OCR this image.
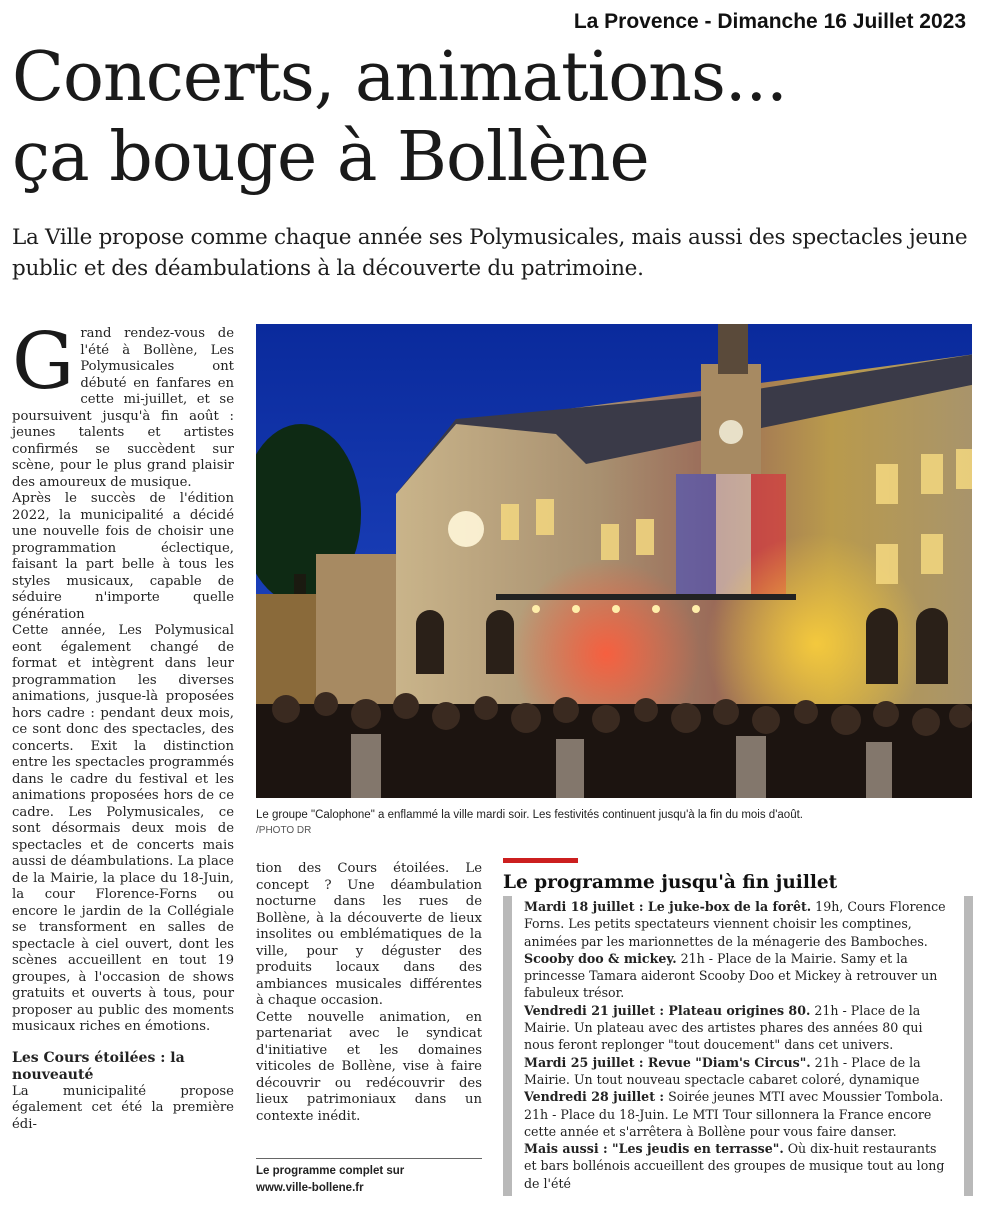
La Provence - Dimanche 16 Juillet 2023
Concerts, animations...
ça bouge à Bollène
La Ville propose comme chaque année ses Polymusicales, mais aussi des spectacles jeune public et des déambulations à la découverte du patrimoine.
G rand rendez-vous de l'été à Bollène, Les Polymusicales ont débuté en fanfares en cette mi-juillet, et se poursuivent jusqu'à fin août : jeunes talents et artistes confirmés se succèdent sur scène, pour le plus grand plaisir des amoureux de musique.

Après le succès de l'édition 2022, la municipalité a décidé une nouvelle fois de choisir une programmation éclectique, faisant la part belle à tous les styles musicaux, capable de séduire n'importe quelle génération

Cette année, Les Polymusical eont également changé de format et intègrent dans leur programmation les diverses animations, jusque-là proposées hors cadre : pendant deux mois, ce sont donc des spectacles, des concerts. Exit la distinction entre les spectacles programmés dans le cadre du festival et les animations proposées hors de ce cadre. Les Polymusicales, ce sont désormais deux mois de spectacles et de concerts mais aussi de déambulations. La place de la Mairie, la place du 18-Juin, la cour Florence-Forns ou encore le jardin de la Collégiale se transforment en salles de spectacle à ciel ouvert, dont les scènes accueillent en tout 19 groupes, à l'occasion de shows gratuits et ouverts à tous, pour proposer au public des moments musicaux riches en émotions.

Les Cours étoilées : la nouveauté

La municipalité propose également cet été la première édi-

Le groupe "Calophone" a enflammé la ville mardi soir. Les festivités continuent jusqu'à la fin du mois d'août.
/PHOTO DR

tion des Cours étoilées. Le concept ? Une déambulation nocturne dans les rues de Bollène, à la découverte de lieux insolites ou emblématiques de la ville, pour y déguster des produits locaux dans des ambiances musicales différentes à chaque occasion.

Cette nouvelle animation, en partenariat avec le syndicat d'initiative et les domaines viticoles de Bollène, vise à faire découvrir ou redécouvrir des lieux patrimoniaux dans un contexte inédit.

Le programme complet sur
www.ville-bollene.fr
Le programme jusqu'à fin juillet
Mardi 18 juillet : Le juke-box de la forêt. 19h, Cours Florence Forns. Les petits spectateurs viennent choisir les comptines, animées par les marionnettes de la ménagerie des Bamboches.
Scooby doo & mickey. 21h - Place de la Mairie. Samy et la princesse Tamara aideront Scooby Doo et Mickey à retrouver un fabuleux trésor.
Vendredi 21 juillet : Plateau origines 80. 21h - Place de la Mairie. Un plateau avec des artistes phares des années 80 qui nous feront replonger "tout doucement" dans cet univers.
Mardi 25 juillet : Revue "Diam's Circus". 21h - Place de la Mairie. Un tout nouveau spectacle cabaret coloré, dynamique
Vendredi 28 juillet : Soirée jeunes MTI avec Moussier Tombola. 21h - Place du 18-Juin. Le MTI Tour sillonnera la France encore cette année et s'arrêtera à Bollène pour vous faire danser.
Mais aussi : "Les jeudis en terrasse". Où dix-huit restaurants et bars bollénois accueillent des groupes de musique tout au long de l'été
